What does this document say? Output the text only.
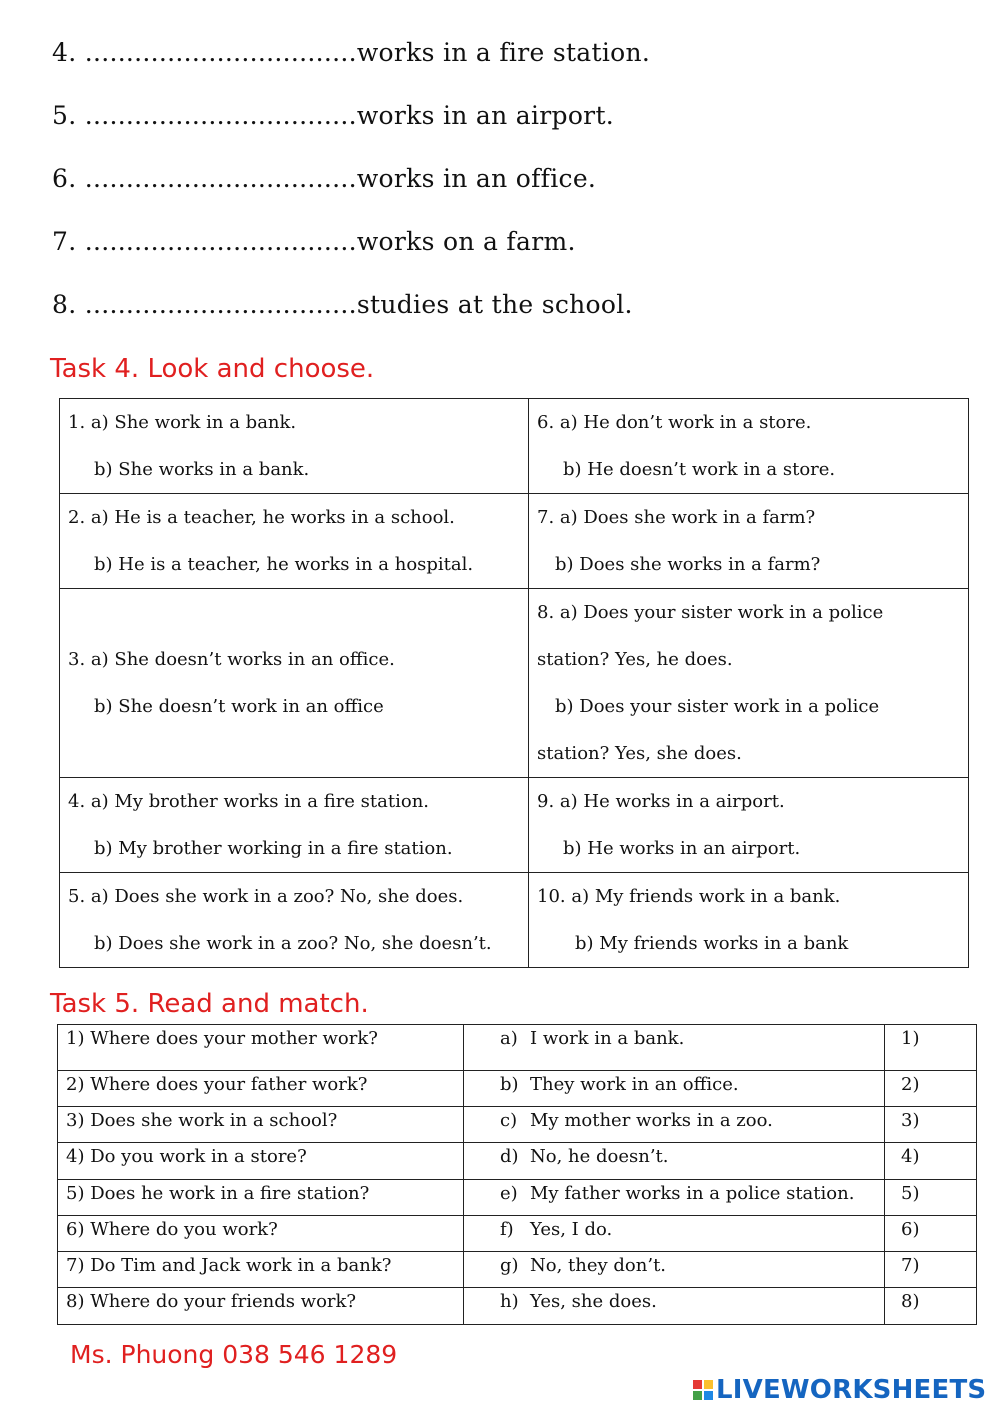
4. .................................works in a fire station.
5. .................................works in an airport.
6. .................................works in an office.
7. .................................works on a farm.
8. .................................studies at the school.
Task 4. Look and choose.
1. a) She work in a bank.
b) She works in a bank.	6. a) He don’t work in a store.
b) He doesn’t work in a store.

2. a) He is a teacher, he works in a school.
b) He is a teacher, he works in a hospital.	7. a) Does she work in a farm?
b) Does she works in a farm?

3. a) She doesn’t works in an office.
b) She doesn’t work in an office	8. a) Does your sister work in a police
station? Yes, he does.
b) Does your sister work in a police
station? Yes, she does.

4. a) My brother works in a fire station.
b) My brother working in a fire station.	9. a) He works in a airport.
b) He works in an airport.

5. a) Does she work in a zoo? No, she does.
b) Does she work in a zoo? No, she doesn’t.	10. a) My friends work in a bank.
b) My friends works in a bank
Task 5. Read and match.
1) Where does your mother work?	a) I work in a bank.	1)
2) Where does your father work?	b) They work in an office.	2)
3) Does she work in a school?	c) My mother works in a zoo.	3)
4) Do you work in a store?	d) No, he doesn’t.	4)
5) Does he work in a fire station?	e) My father works in a police station.	5)
6) Where do you work?	f) Yes, I do.	6)
7) Do Tim and Jack work in a bank?	g) No, they don’t.	7)
8) Where do your friends work?	h) Yes, she does.	8)
Ms. Phuong 038 546 1289
LIVEWORKSHEETS
